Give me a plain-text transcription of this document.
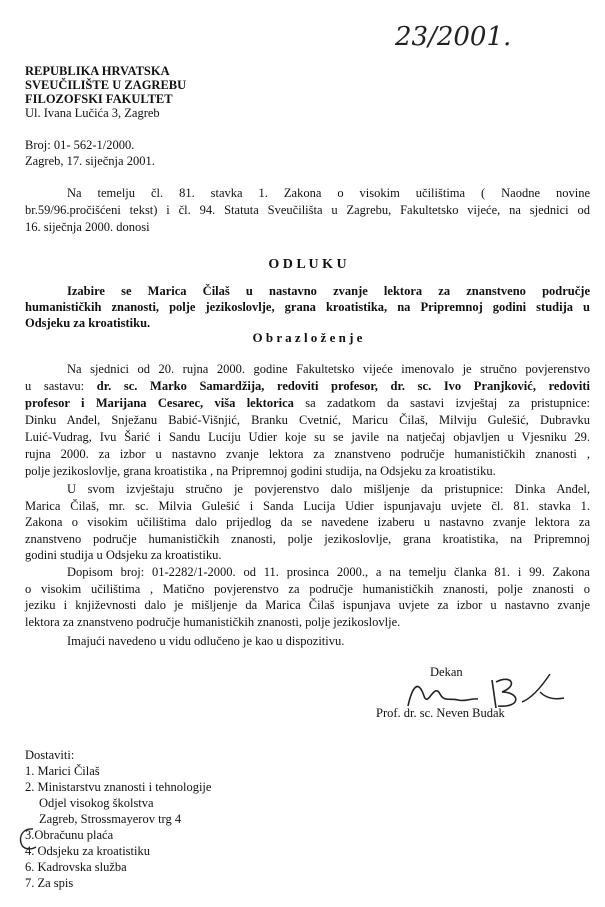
23/2001.
REPUBLIKA HRVATSKA
SVEUČILIŠTE U ZAGREBU
FILOZOFSKI FAKULTET
Ul. Ivana Lučića 3, Zagreb
Broj: 01- 562-1/2000.
Zagreb, 17. siječnja 2001.
Na temelju čl. 81. stavka 1. Zakona o visokim učilištima ( Naodne novine
br.59/96.pročišćeni tekst) i čl. 94. Statuta Sveučilišta u Zagrebu, Fakultetsko vijeće, na sjednici od
16. siječnja 2000. donosi
O D L U K U
Izabire se Marica Čilaš u nastavno zvanje lektora za znanstveno područje
humanističkih znanosti, polje jezikoslovlje, grana kroatistika, na Pripremnoj godini studija u
Odsjeku za kroatistiku.
O b r a z l o ž e n j e
Na sjednici od 20. rujna 2000. godine Fakultetsko vijeće imenovalo je stručno povjerenstvo
u sastavu: dr. sc. Marko Samardžija, redoviti profesor, dr. sc. Ivo Pranjković, redoviti
profesor i Marijana Cesarec, viša lektorica sa zadatkom da sastavi izvještaj za pristupnice:
Dinku Anđel, Snježanu Babić-Višnjić, Branku Cvetnić, Maricu Čilaš, Milviju Gulešić, Dubravku
Luić-Vudrag, Ivu Šarić i Sandu Luciju Udier koje su se javile na natječaj objavljen u Vjesniku 29.
rujna 2000. za izbor u nastavno zvanje lektora za znanstveno područje humanističkih znanosti ,
polje jezikoslovlje, grana kroatistika , na Pripremnoj godini studija, na Odsjeku za kroatistiku.
U svom izvještaju stručno je povjerenstvo dalo mišljenje da pristupnice: Dinka Anđel,
Marica Čilaš, mr. sc. Milvia Gulešić i Sanda Lucija Udier ispunjavaju uvjete čl. 81. stavka 1.
Zakona o visokim učilištima dalo prijedlog da se navedene izaberu u nastavno zvanje lektora za
znanstveno područje humanističkih znanosti, polje jezikoslovlje, grana kroatistika, na Pripremnoj
godini studija u Odsjeku za kroatistiku.
Dopisom broj: 01-2282/1-2000. od 11. prosinca 2000., a na temelju članka 81. i 99. Zakona
o visokim učilištima , Matično povjerenstvo za područje humanističkih znanosti, polje znanosti o
jeziku i književnosti dalo je mišljenje da Marica Čilaš ispunjava uvjete za izbor u nastavno zvanje
lektora za znanstveno područje humanističkih znanosti, polje jezikoslovlje.
Imajući navedeno u vidu odlučeno je kao u dispozitivu.
Dekan
Prof. dr. sc. Neven Budak
Dostaviti:
1. Marici Čilaš
2. Ministarstvu znanosti i tehnologije
Odjel visokog školstva
Zagreb, Strossmayerov trg 4
3.Obračunu plaća
4. Odsjeku za kroatistiku
6. Kadrovska služba
7. Za spis
